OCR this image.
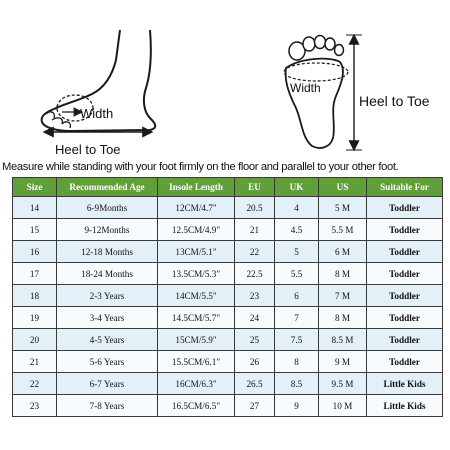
Width
Heel to Toe
Width
Heel to Toe
Measure while standing with your foot firmly on the floor and parallel to your other foot.
Size	Recommended Age	Insole Length	EU	UK	US	Suitable For
14	6-9Months	12CM/4.7"	20.5	4	5 M	Toddler
15	9-12Months	12.5CM/4.9"	21	4.5	5.5 M	Toddler
16	12-18 Months	13CM/5.1"	22	5	6 M	Toddler
17	18-24 Months	13.5CM/5.3"	22.5	5.5	8 M	Toddler
18	2-3 Years	14CM/5.5"	23	6	7 M	Toddler
19	3-4 Years	14.5CM/5.7"	24	7	8 M	Toddler
20	4-5 Years	15CM/5.9"	25	7.5	8.5 M	Toddler
21	5-6 Years	15.5CM/6.1"	26	8	9 M	Toddler
22	6-7 Years	16CM/6.3"	26.5	8.5	9.5 M	Little Kids
23	7-8 Years	16.5CM/6.5"	27	9	10 M	Little Kids
